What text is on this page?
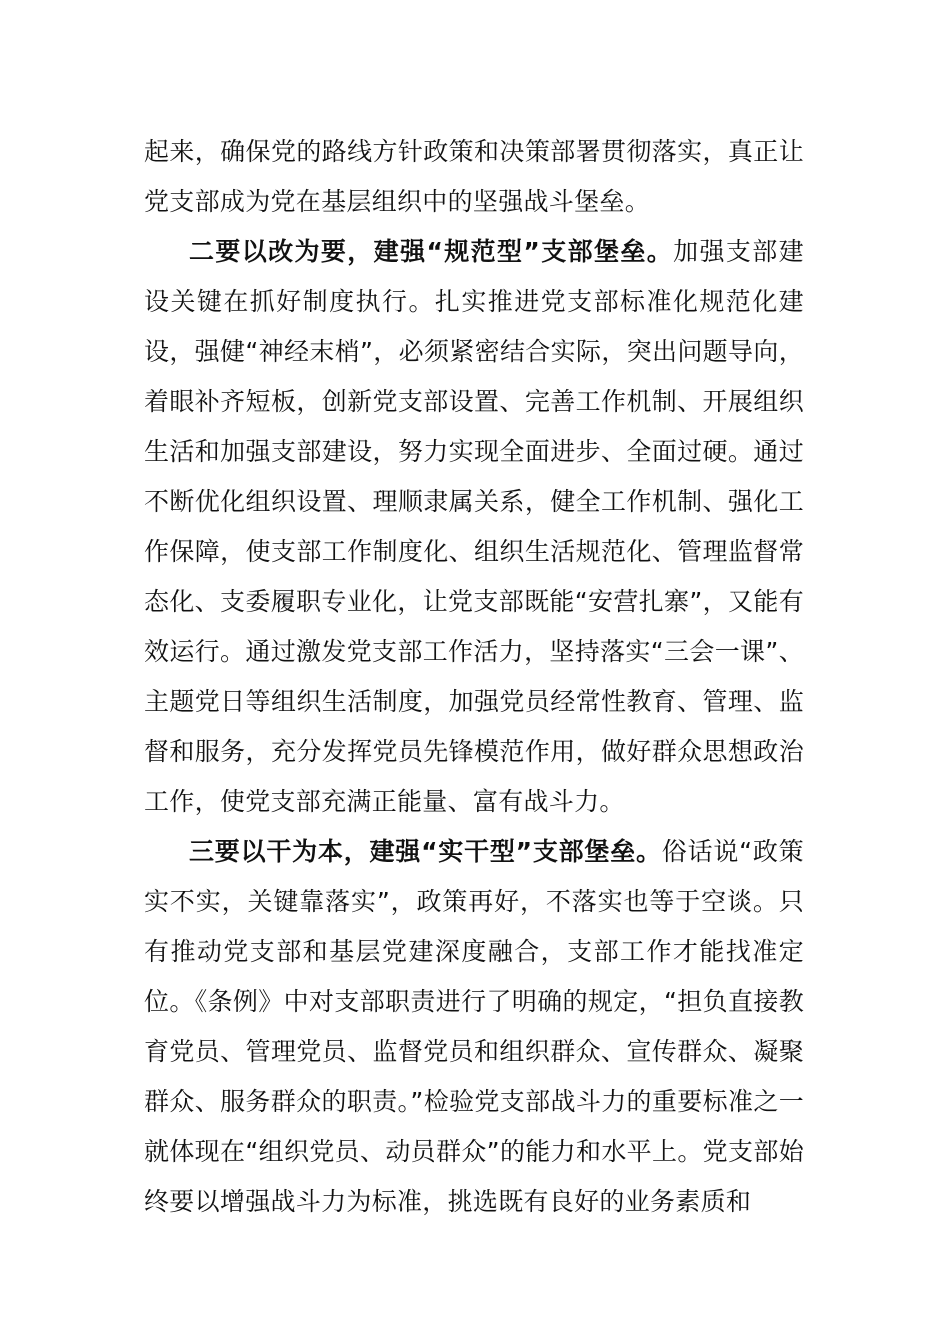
起来，确保党的路线方针政策和决策部署贯彻落实，真正让党支部成为党在基层组织中的坚强战斗堡垒。

二要以改为要，建强“规范型”支部堡垒。加强支部建设关键在抓好制度执行。扎实推进党支部标准化规范化建设，强健“神经末梢”，必须紧密结合实际，突出问题导向，着眼补齐短板，创新党支部设置、完善工作机制、开展组织生活和加强支部建设，努力实现全面进步、全面过硬。通过不断优化组织设置、理顺隶属关系，健全工作机制、强化工作保障，使支部工作制度化、组织生活规范化、管理监督常态化、支委履职专业化，让党支部既能“安营扎寨”，又能有效运行。通过激发党支部工作活力，坚持落实“三会一课”、主题党日等组织生活制度，加强党员经常性教育、管理、监督和服务，充分发挥党员先锋模范作用，做好群众思想政治工作，使党支部充满正能量、富有战斗力。

三要以干为本，建强“实干型”支部堡垒。俗话说“政策实不实，关键靠落实”，政策再好，不落实也等于空谈。只有推动党支部和基层党建深度融合，支部工作才能找准定位。《条例》中对支部职责进行了明确的规定，“担负直接教育党员、管理党员、监督党员和组织群众、宣传群众、凝聚群众、服务群众的职责。”检验党支部战斗力的重要标准之一就体现在“组织党员、动员群众”的能力和水平上。党支部始终要以增强战斗力为标准，挑选既有良好的业务素质和
